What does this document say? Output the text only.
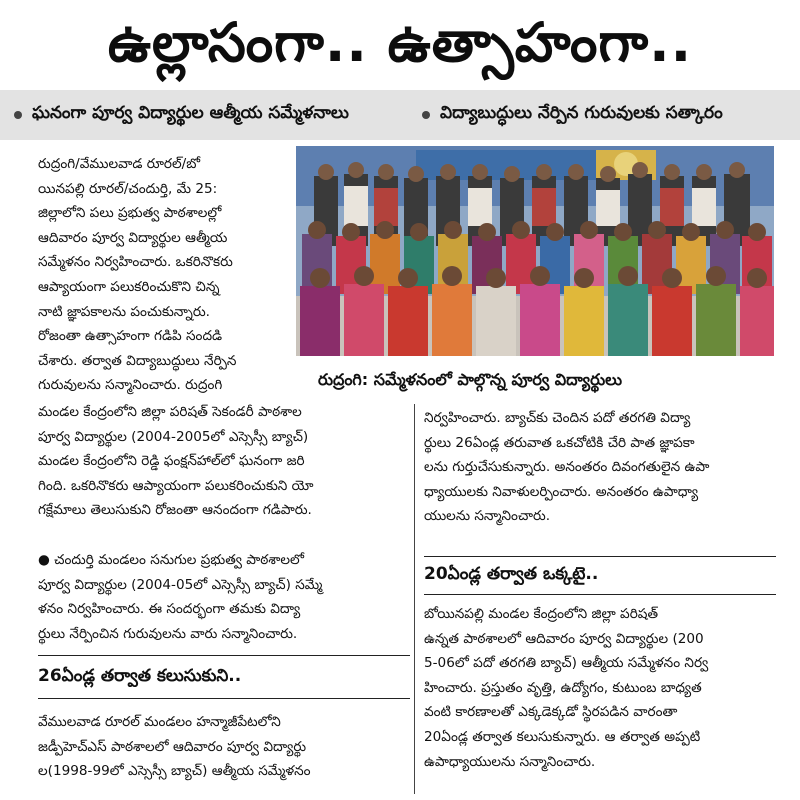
ఉల్లాసంగా.. ఉత్సాహంగా..
ఘనంగా పూర్వ విద్యార్థుల ఆత్మీయ సమ్మేళనాలు	విద్యాబుద్ధులు నేర్పిన గురువులకు సత్కారం
రుద్రంగి/వేములవాడ రూరల్/బో
యినపల్లి రూరల్/చందుర్తి, మే 25:
జిల్లాలోని పలు ప్రభుత్వ పాఠశాలల్లో
ఆదివారం పూర్వ విద్యార్థుల ఆత్మీయ
సమ్మేళనం నిర్వహించారు. ఒకరినొకరు
ఆప్యాయంగా పలుకరించుకొని చిన్న
నాటి జ్ఞాపకాలను పంచుకున్నారు.
రోజంతా ఉత్సాహంగా గడిపి సందడి
చేశారు. తర్వాత విద్యాబుద్ధులు నేర్పిన
గురువులను సన్మానించారు. రుద్రంగి
మండల కేంద్రంలోని జిల్లా పరిషత్ సెకండరీ పాఠశాల
పూర్వ విద్యార్థుల (2004-2005లో ఎస్సెస్సీ బ్యాచ్)
మండల కేంద్రంలోని రెడ్డి ఫంక్షన్‌హాల్‌లో ఘనంగా జరి
గింది. ఒకరినొకరు ఆప్యాయంగా పలుకరించుకుని యో
గక్షేమాలు తెలుసుకుని రోజంతా ఆనందంగా గడిపారు.
● చందుర్తి మండలం సనుగుల ప్రభుత్వ పాఠశాలలో
పూర్వ విద్యార్థుల (2004-05లో ఎస్సెస్సీ బ్యాచ్) సమ్మే
ళనం నిర్వహించారు. ఈ సందర్భంగా తమకు విద్యా
ర్థులు నేర్పించిన గురువులను వారు సన్మానించారు.
26ఏండ్ల తర్వాత కలుసుకుని..
వేములవాడ రూరల్ మండలం హన్మాజీపేటలోని
జడ్పీహెచ్ఎస్ పాఠశాలలో ఆదివారం పూర్వ విద్యార్థు
ల(1998-99లో ఎస్సెస్సీ బ్యాచ్) ఆత్మీయ సమ్మేళనం
రుద్రంగి: సమ్మేళనంలో పాల్గొన్న పూర్వ విద్యార్థులు
నిర్వహించారు. బ్యాచ్‌కు చెందిన పదో తరగతి విద్యా
ర్థులు 26ఏండ్ల తరువాత ఒకచోటికి చేరి పాత జ్ఞాపకా
లను గుర్తుచేసుకున్నారు. అనంతరం దివంగతులైన ఉపా
ధ్యాయులకు నివాళులర్పించారు. అనంతరం ఉపాధ్యా
యులను సన్మానించారు.
20ఏండ్ల తర్వాత ఒక్కటై..
బోయినపల్లి మండల కేంద్రంలోని జిల్లా పరిషత్
ఉన్నత పాఠశాలలో ఆదివారం పూర్వ విద్యార్థుల (200
5-06లో పదో తరగతి బ్యాచ్) ఆత్మీయ సమ్మేళనం నిర్వ
హించారు. ప్రస్తుతం వృత్తి, ఉద్యోగం, కుటుంబ బాధ్యత
వంటి కారణాలతో ఎక్కడెక్కడో స్థిరపడిన వారంతా
20ఏండ్ల తర్వాత కలుసుకున్నారు. ఆ తర్వాత అప్పటి
ఉపాధ్యాయులను సన్మానించారు.
